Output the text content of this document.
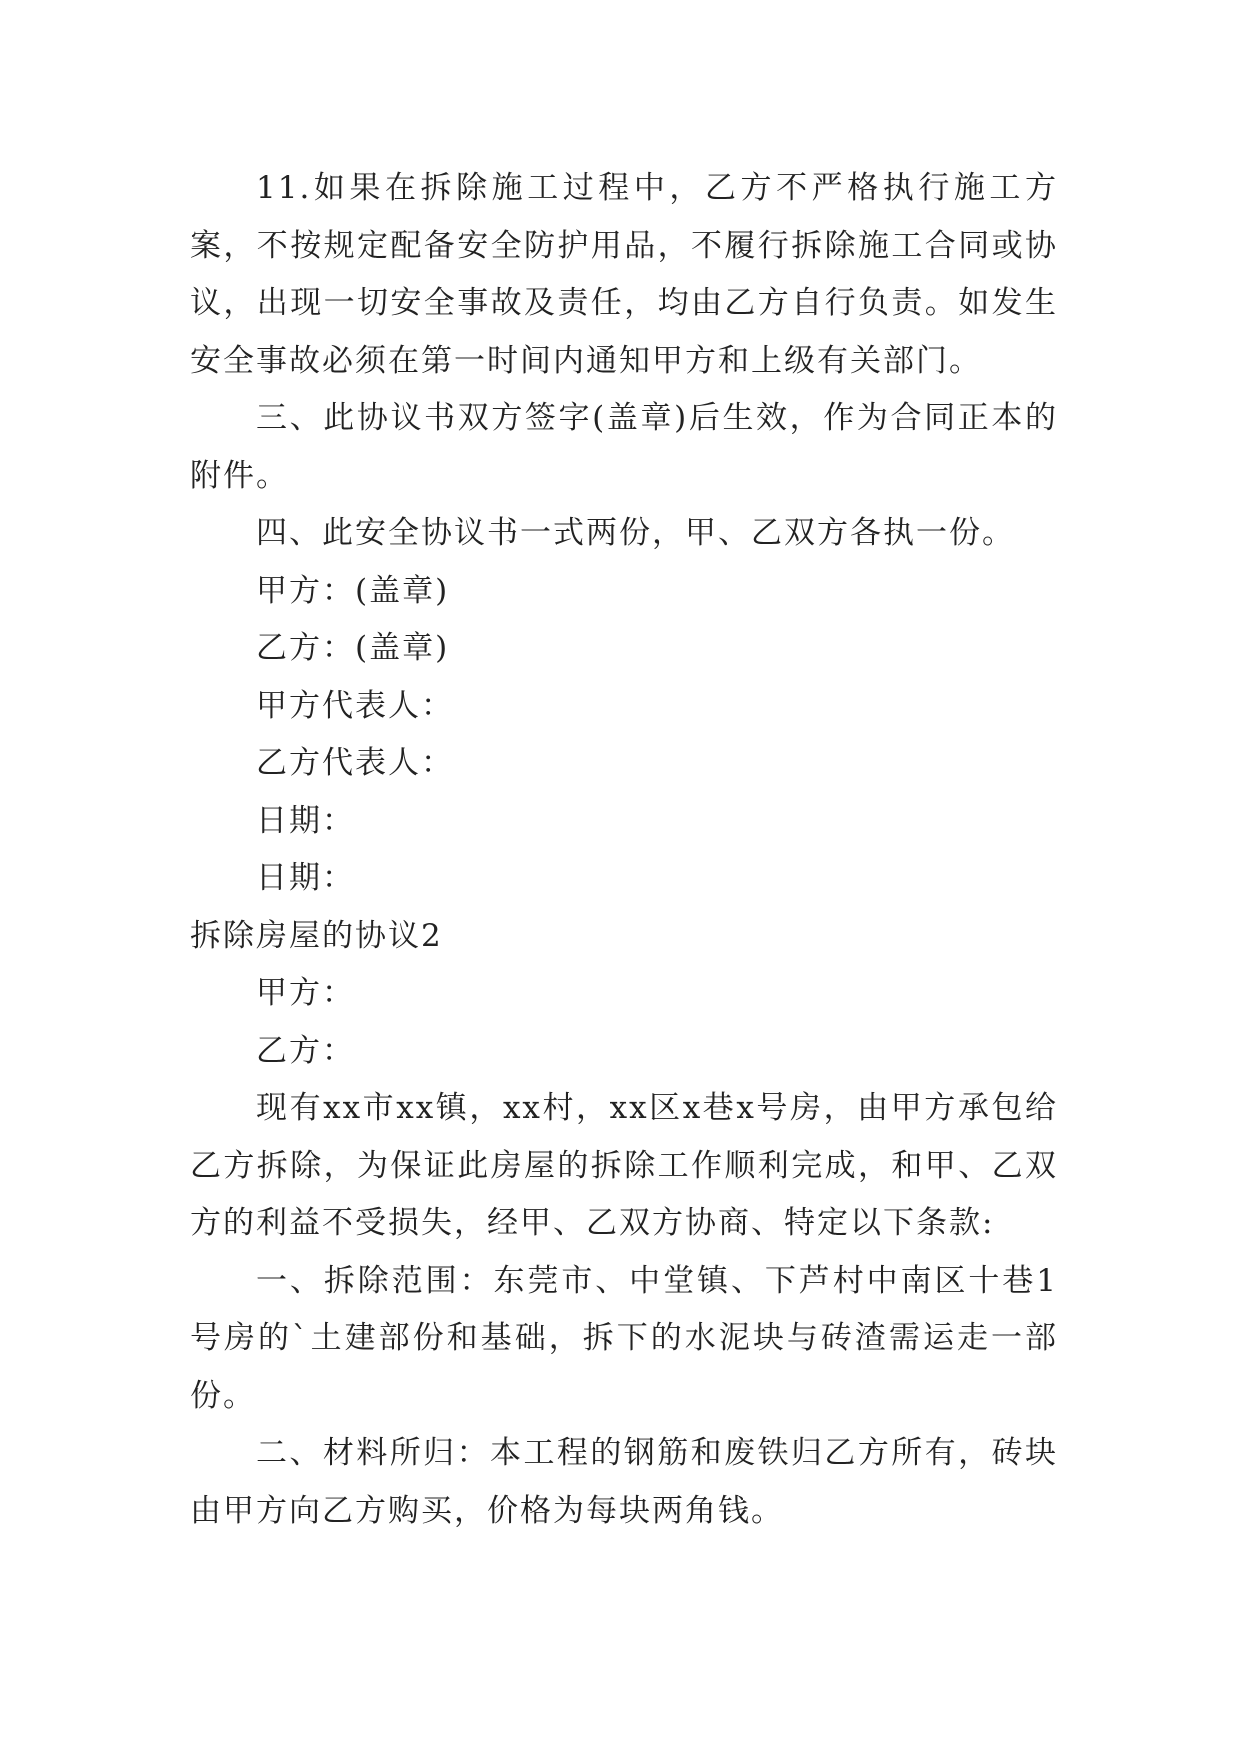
11.如果在拆除施工过程中，乙方不严格执行施工方案，不按规定配备安全防护用品，不履行拆除施工合同或协议，出现一切安全事故及责任，均由乙方自行负责。如发生安全事故必须在第一时间内通知甲方和上级有关部门。

三、此协议书双方签字(盖章)后生效，作为合同正本的附件。

四、此安全协议书一式两份，甲、乙双方各执一份。

甲方：(盖章)

乙方：(盖章)

甲方代表人：

乙方代表人：

日期：

日期：

拆除房屋的协议2

甲方：

乙方：

现有xx市xx镇，xx村，xx区x巷x号房，由甲方承包给乙方拆除，为保证此房屋的拆除工作顺利完成，和甲、乙双方的利益不受损失，经甲、乙双方协商、特定以下条款:

一、拆除范围：东莞市、中堂镇、下芦村中南区十巷1号房的`土建部份和基础，拆下的水泥块与砖渣需运走一部份。

二、材料所归：本工程的钢筋和废铁归乙方所有，砖块由甲方向乙方购买，价格为每块两角钱。
